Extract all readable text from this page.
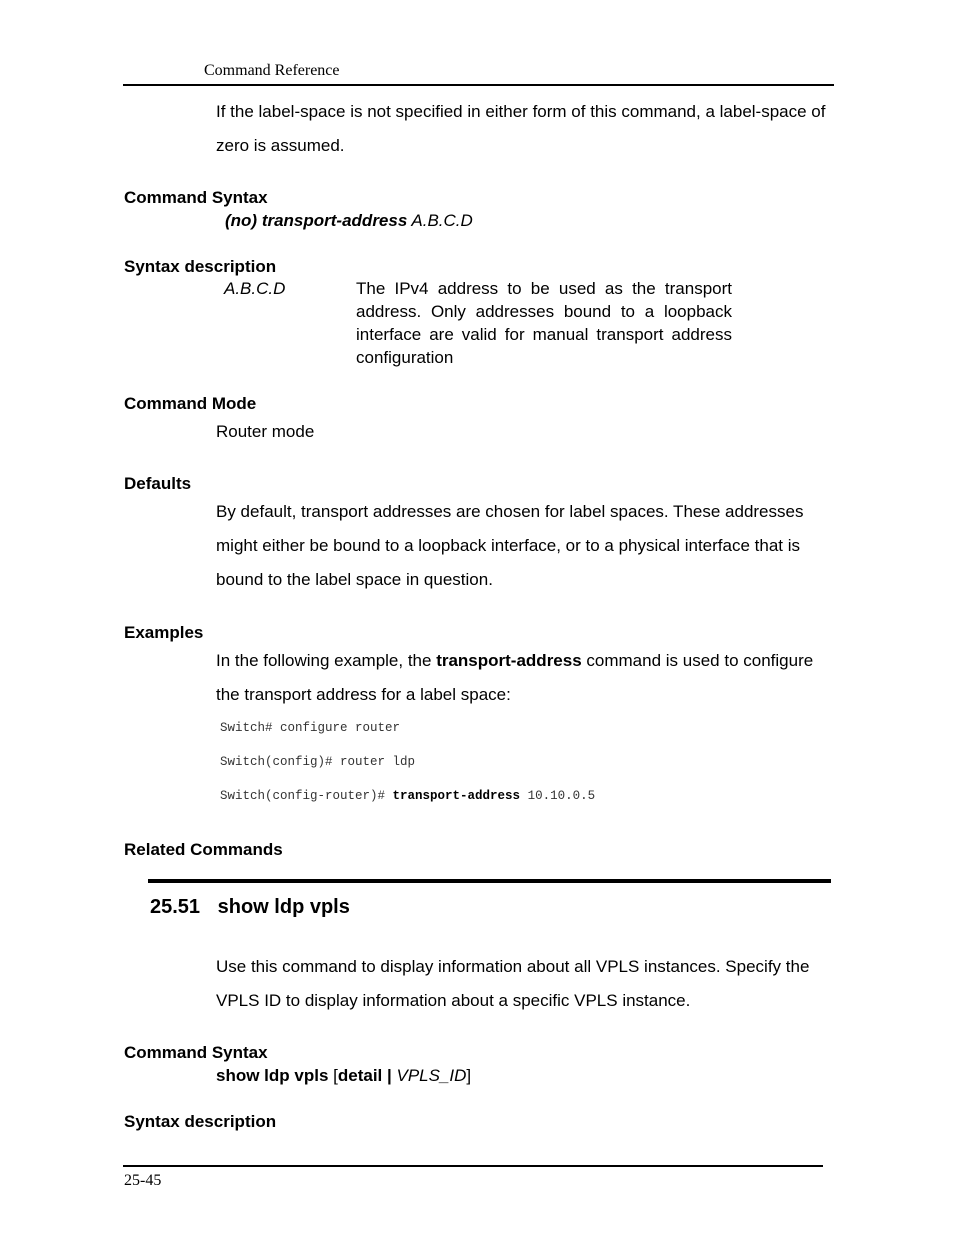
Command Reference
If the label-space is not specified in either form of this command, a label-space of zero is assumed.
Command Syntax
(no) transport-address A.B.C.D
Syntax description
A.B.C.D	The IPv4 address to be used as the transport address. Only addresses bound to a loopback interface are valid for manual transport address configuration
Command Mode
Router mode
Defaults
By default, transport addresses are chosen for label spaces. These addresses might either be bound to a loopback interface, or to a physical interface that is bound to the label space in question.
Examples
In the following example, the transport-address command is used to configure the transport address for a label space:
Switch# configure router
Switch(config)# router ldp
Switch(config-router)# transport-address 10.10.0.5
Related Commands
25.51 show ldp vpls
Use this command to display information about all VPLS instances. Specify the VPLS ID to display information about a specific VPLS instance.
Command Syntax
show ldp vpls [detail | VPLS_ID]
Syntax description
25-45
